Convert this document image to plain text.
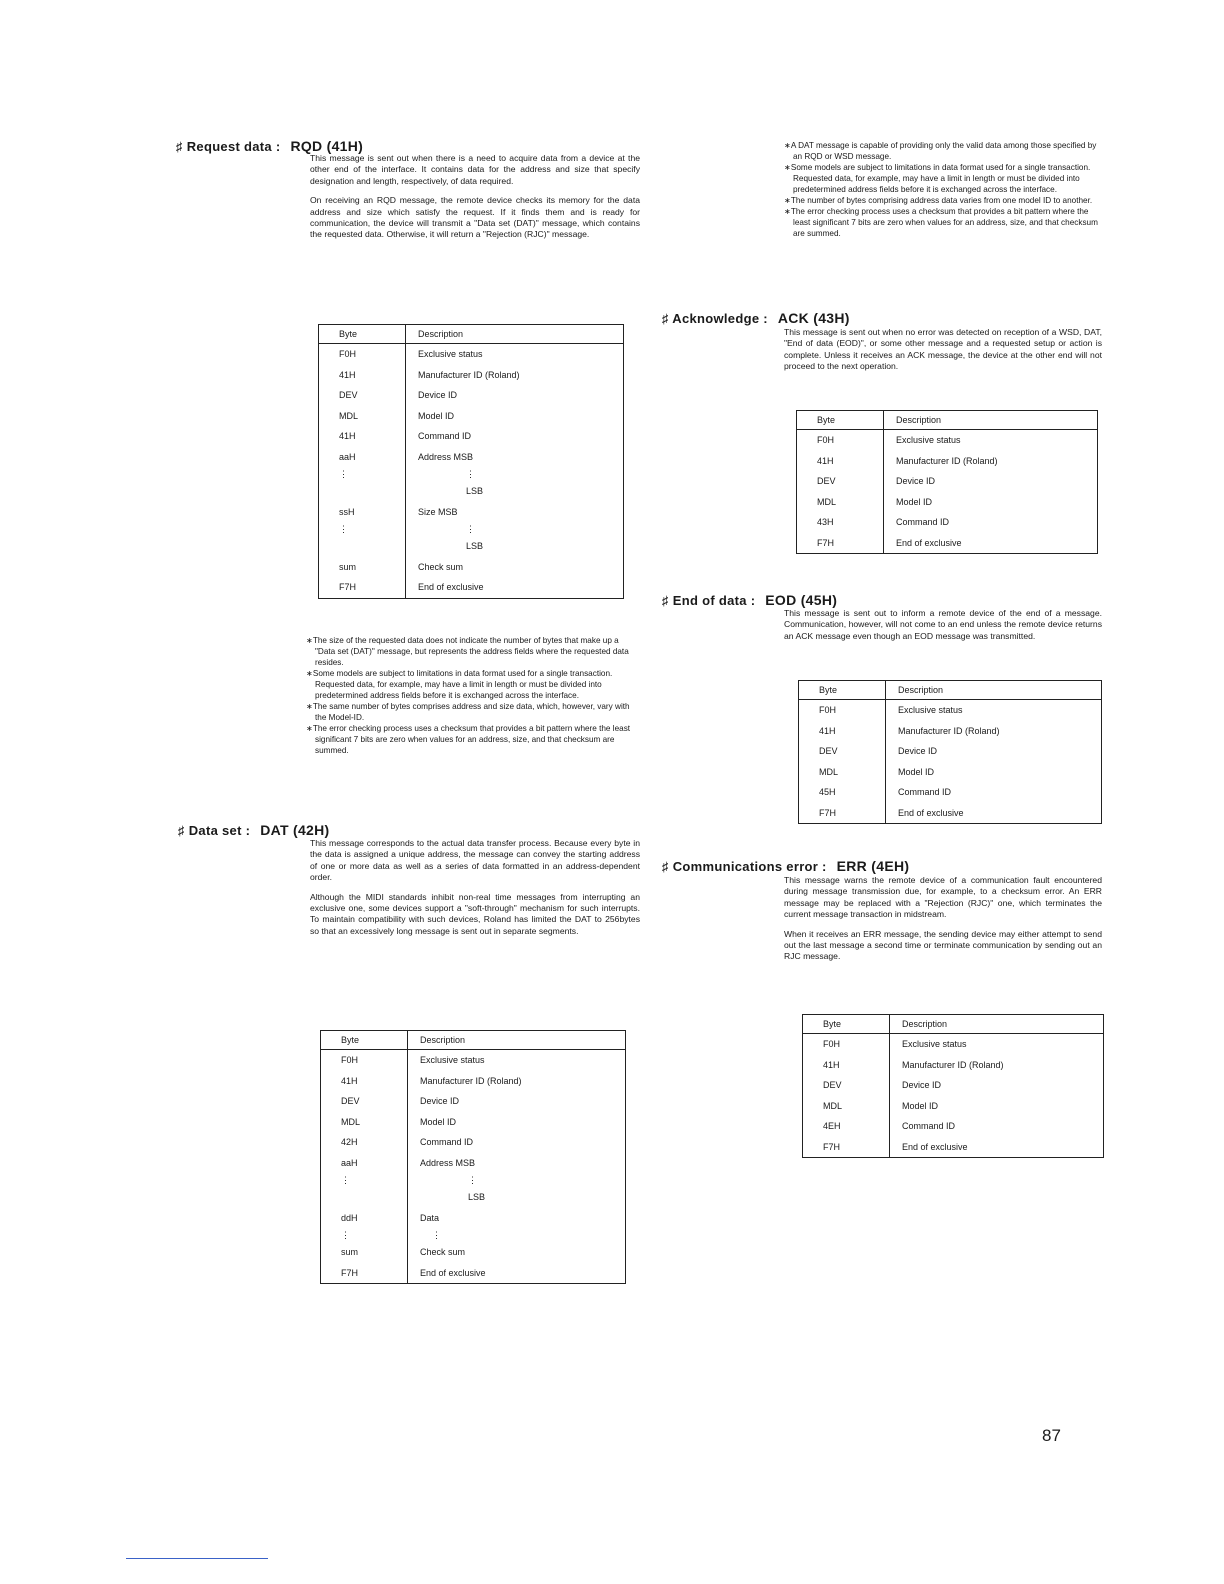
♯ Request data : RQD (41H)

This message is sent out when there is a need to acquire data from a device at the other end of the interface. It contains data for the address and size that specify designation and length, respectively, of data required.

On receiving an RQD message, the remote device checks its memory for the data address and size which satisfy the request. If it finds them and is ready for communication, the device will transmit a "Data set (DAT)" message, which contains the requested data. Otherwise, it will return a "Rejection (RJC)" message.

Byte	Description
F0H	Exclusive status
41H	Manufacturer ID (Roland)
DEV	Device ID
MDL	Model ID
41H	Command ID
aaH	Address MSB
⋮	⋮
	LSB
ssH	Size MSB
⋮	⋮
	LSB
sum	Check sum
F7H	End of exclusive

∗The size of the requested data does not indicate the number of bytes that make up a "Data set (DAT)" message, but represents the address fields where the requested data resides.

∗Some models are subject to limitations in data format used for a single transaction. Requested data, for example, may have a limit in length or must be divided into predetermined address fields before it is exchanged across the interface.

∗The same number of bytes comprises address and size data, which, however, vary with the Model-ID.

∗The error checking process uses a checksum that provides a bit pattern where the least significant 7 bits are zero when values for an address, size, and that checksum are summed.

♯ Data set : DAT (42H)

This message corresponds to the actual data transfer process. Because every byte in the data is assigned a unique address, the message can convey the starting address of one or more data as well as a series of data formatted in an address-dependent order.

Although the MIDI standards inhibit non-real time messages from interrupting an exclusive one, some devices support a "soft-through" mechanism for such interrupts. To maintain compatibility with such devices, Roland has limited the DAT to 256bytes so that an excessively long message is sent out in separate segments.

Byte	Description
F0H	Exclusive status
41H	Manufacturer ID (Roland)
DEV	Device ID
MDL	Model ID
42H	Command ID
aaH	Address MSB
⋮	⋮
	LSB
ddH	Data
⋮	⋮
sum	Check sum
F7H	End of exclusive

∗A DAT message is capable of providing only the valid data among those specified by an RQD or WSD message.

∗Some models are subject to limitations in data format used for a single transaction. Requested data, for example, may have a limit in length or must be divided into predetermined address fields before it is exchanged across the interface.

∗The number of bytes comprising address data varies from one model ID to another.

∗The error checking process uses a checksum that provides a bit pattern where the least significant 7 bits are zero when values for an address, size, and that checksum are summed.

♯ Acknowledge : ACK (43H)

This message is sent out when no error was detected on reception of a WSD, DAT, "End of data (EOD)", or some other message and a requested setup or action is complete. Unless it receives an ACK message, the device at the other end will not proceed to the next operation.

Byte	Description
F0H	Exclusive status
41H	Manufacturer ID (Roland)
DEV	Device ID
MDL	Model ID
43H	Command ID
F7H	End of exclusive
♯ End of data : EOD (45H)

This message is sent out to inform a remote device of the end of a message. Communication, however, will not come to an end unless the remote device returns an ACK message even though an EOD message was transmitted.

Byte	Description
F0H	Exclusive status
41H	Manufacturer ID (Roland)
DEV	Device ID
MDL	Model ID
45H	Command ID
F7H	End of exclusive
♯ Communications error : ERR (4EH)

This message warns the remote device of a communication fault encountered during message transmission due, for example, to a checksum error. An ERR message may be replaced with a "Rejection (RJC)" one, which terminates the current message transaction in midstream.

When it receives an ERR message, the sending device may either attempt to send out the last message a second time or terminate communication by sending out an RJC message.

Byte	Description
F0H	Exclusive status
41H	Manufacturer ID (Roland)
DEV	Device ID
MDL	Model ID
4EH	Command ID
F7H	End of exclusive
87
